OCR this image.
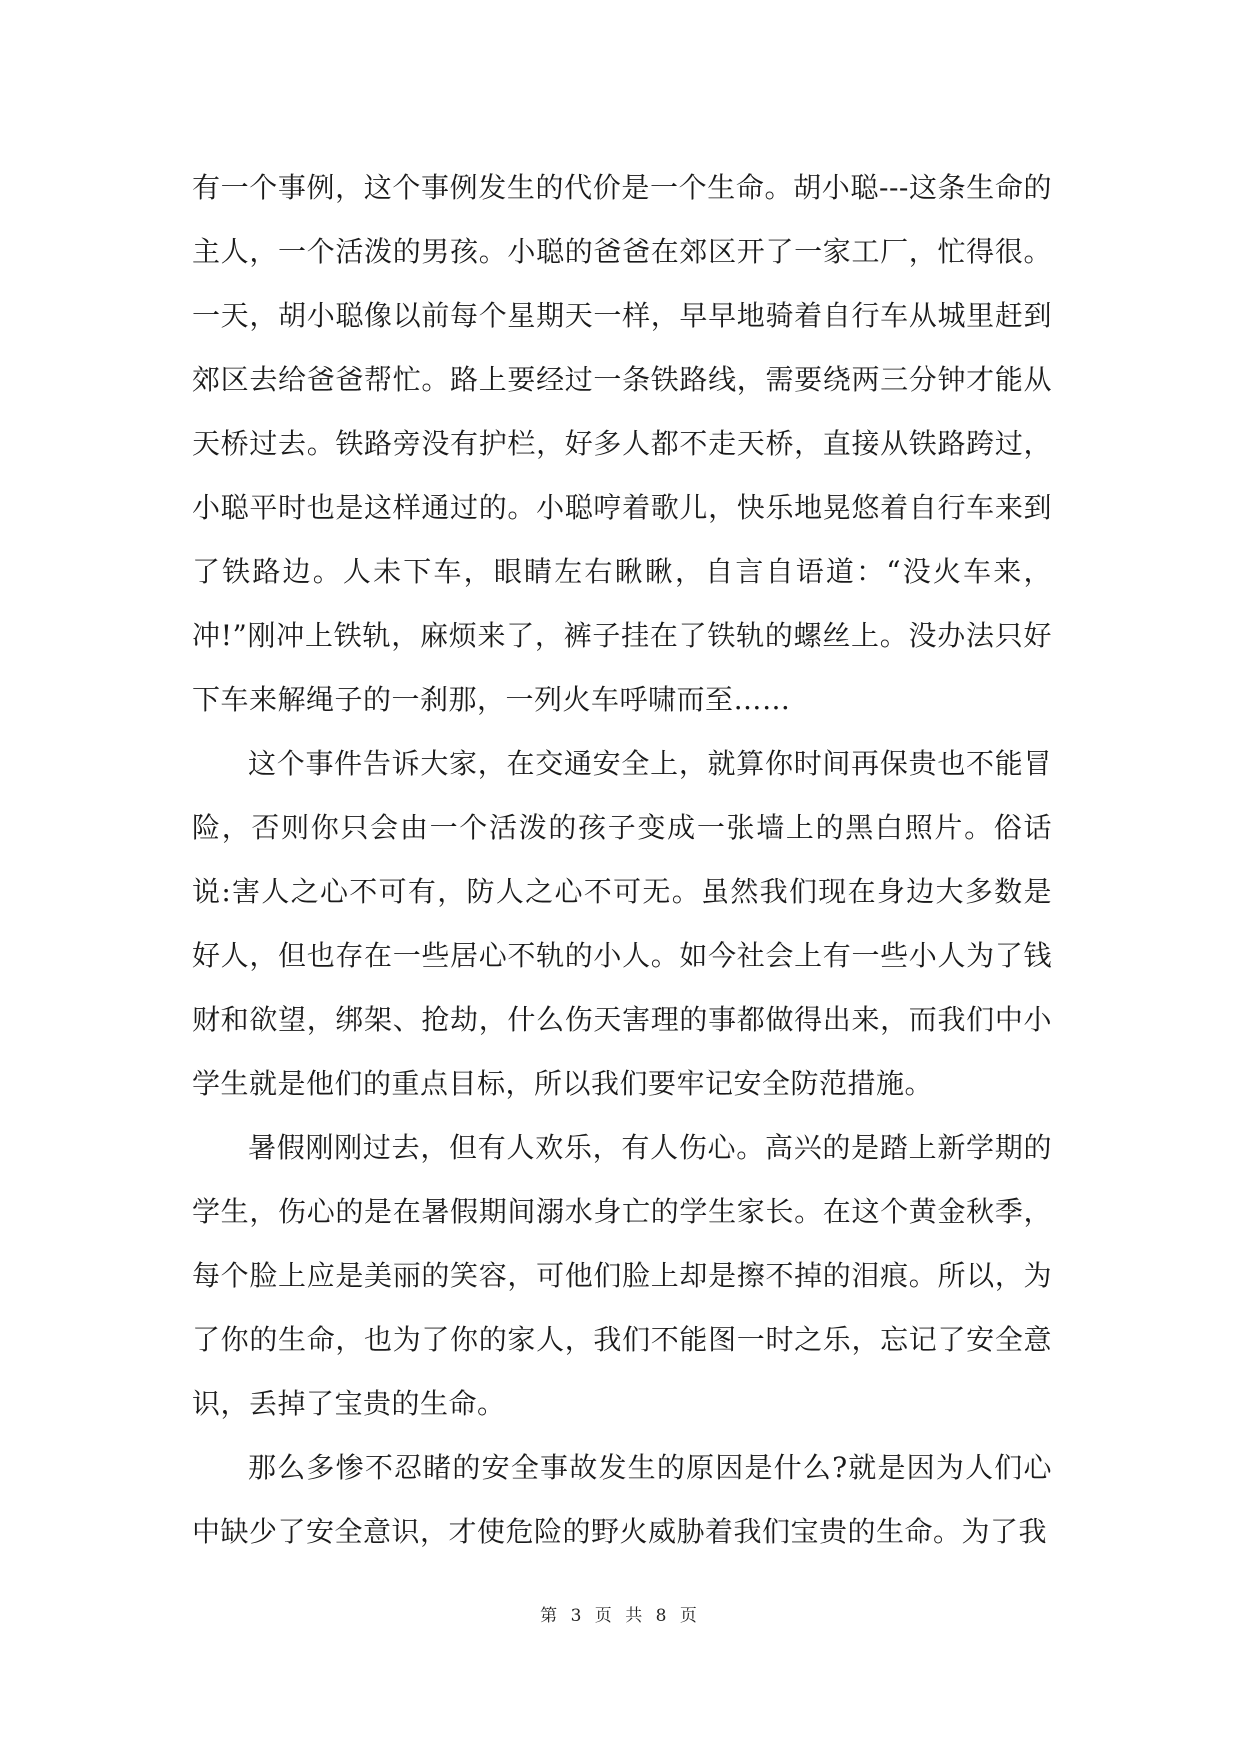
有一个事例，这个事例发生的代价是一个生命。胡小聪---这条生命的主人，一个活泼的男孩。小聪的爸爸在郊区开了一家工厂，忙得很。一天，胡小聪像以前每个星期天一样，早早地骑着自行车从城里赶到郊区去给爸爸帮忙。路上要经过一条铁路线，需要绕两三分钟才能从天桥过去。铁路旁没有护栏，好多人都不走天桥，直接从铁路跨过，小聪平时也是这样通过的。小聪哼着歌儿，快乐地晃悠着自行车来到了铁路边。人未下车，眼睛左右瞅瞅，自言自语道：“没火车来，冲!”刚冲上铁轨，麻烦来了，裤子挂在了铁轨的螺丝上。没办法只好下车来解绳子的一刹那，一列火车呼啸而至……

这个事件告诉大家，在交通安全上，就算你时间再保贵也不能冒险，否则你只会由一个活泼的孩子变成一张墙上的黑白照片。俗话说:害人之心不可有，防人之心不可无。虽然我们现在身边大多数是好人，但也存在一些居心不轨的小人。如今社会上有一些小人为了钱财和欲望，绑架、抢劫，什么伤天害理的事都做得出来，而我们中小学生就是他们的重点目标，所以我们要牢记安全防范措施。

暑假刚刚过去，但有人欢乐，有人伤心。高兴的是踏上新学期的学生，伤心的是在暑假期间溺水身亡的学生家长。在这个黄金秋季，每个脸上应是美丽的笑容，可他们脸上却是擦不掉的泪痕。所以，为了你的生命，也为了你的家人，我们不能图一时之乐，忘记了安全意识，丢掉了宝贵的生命。

那么多惨不忍睹的安全事故发生的原因是什么?就是因为人们心中缺少了安全意识，才使危险的野火威胁着我们宝贵的生命。为了我

第 3 页 共 8 页
